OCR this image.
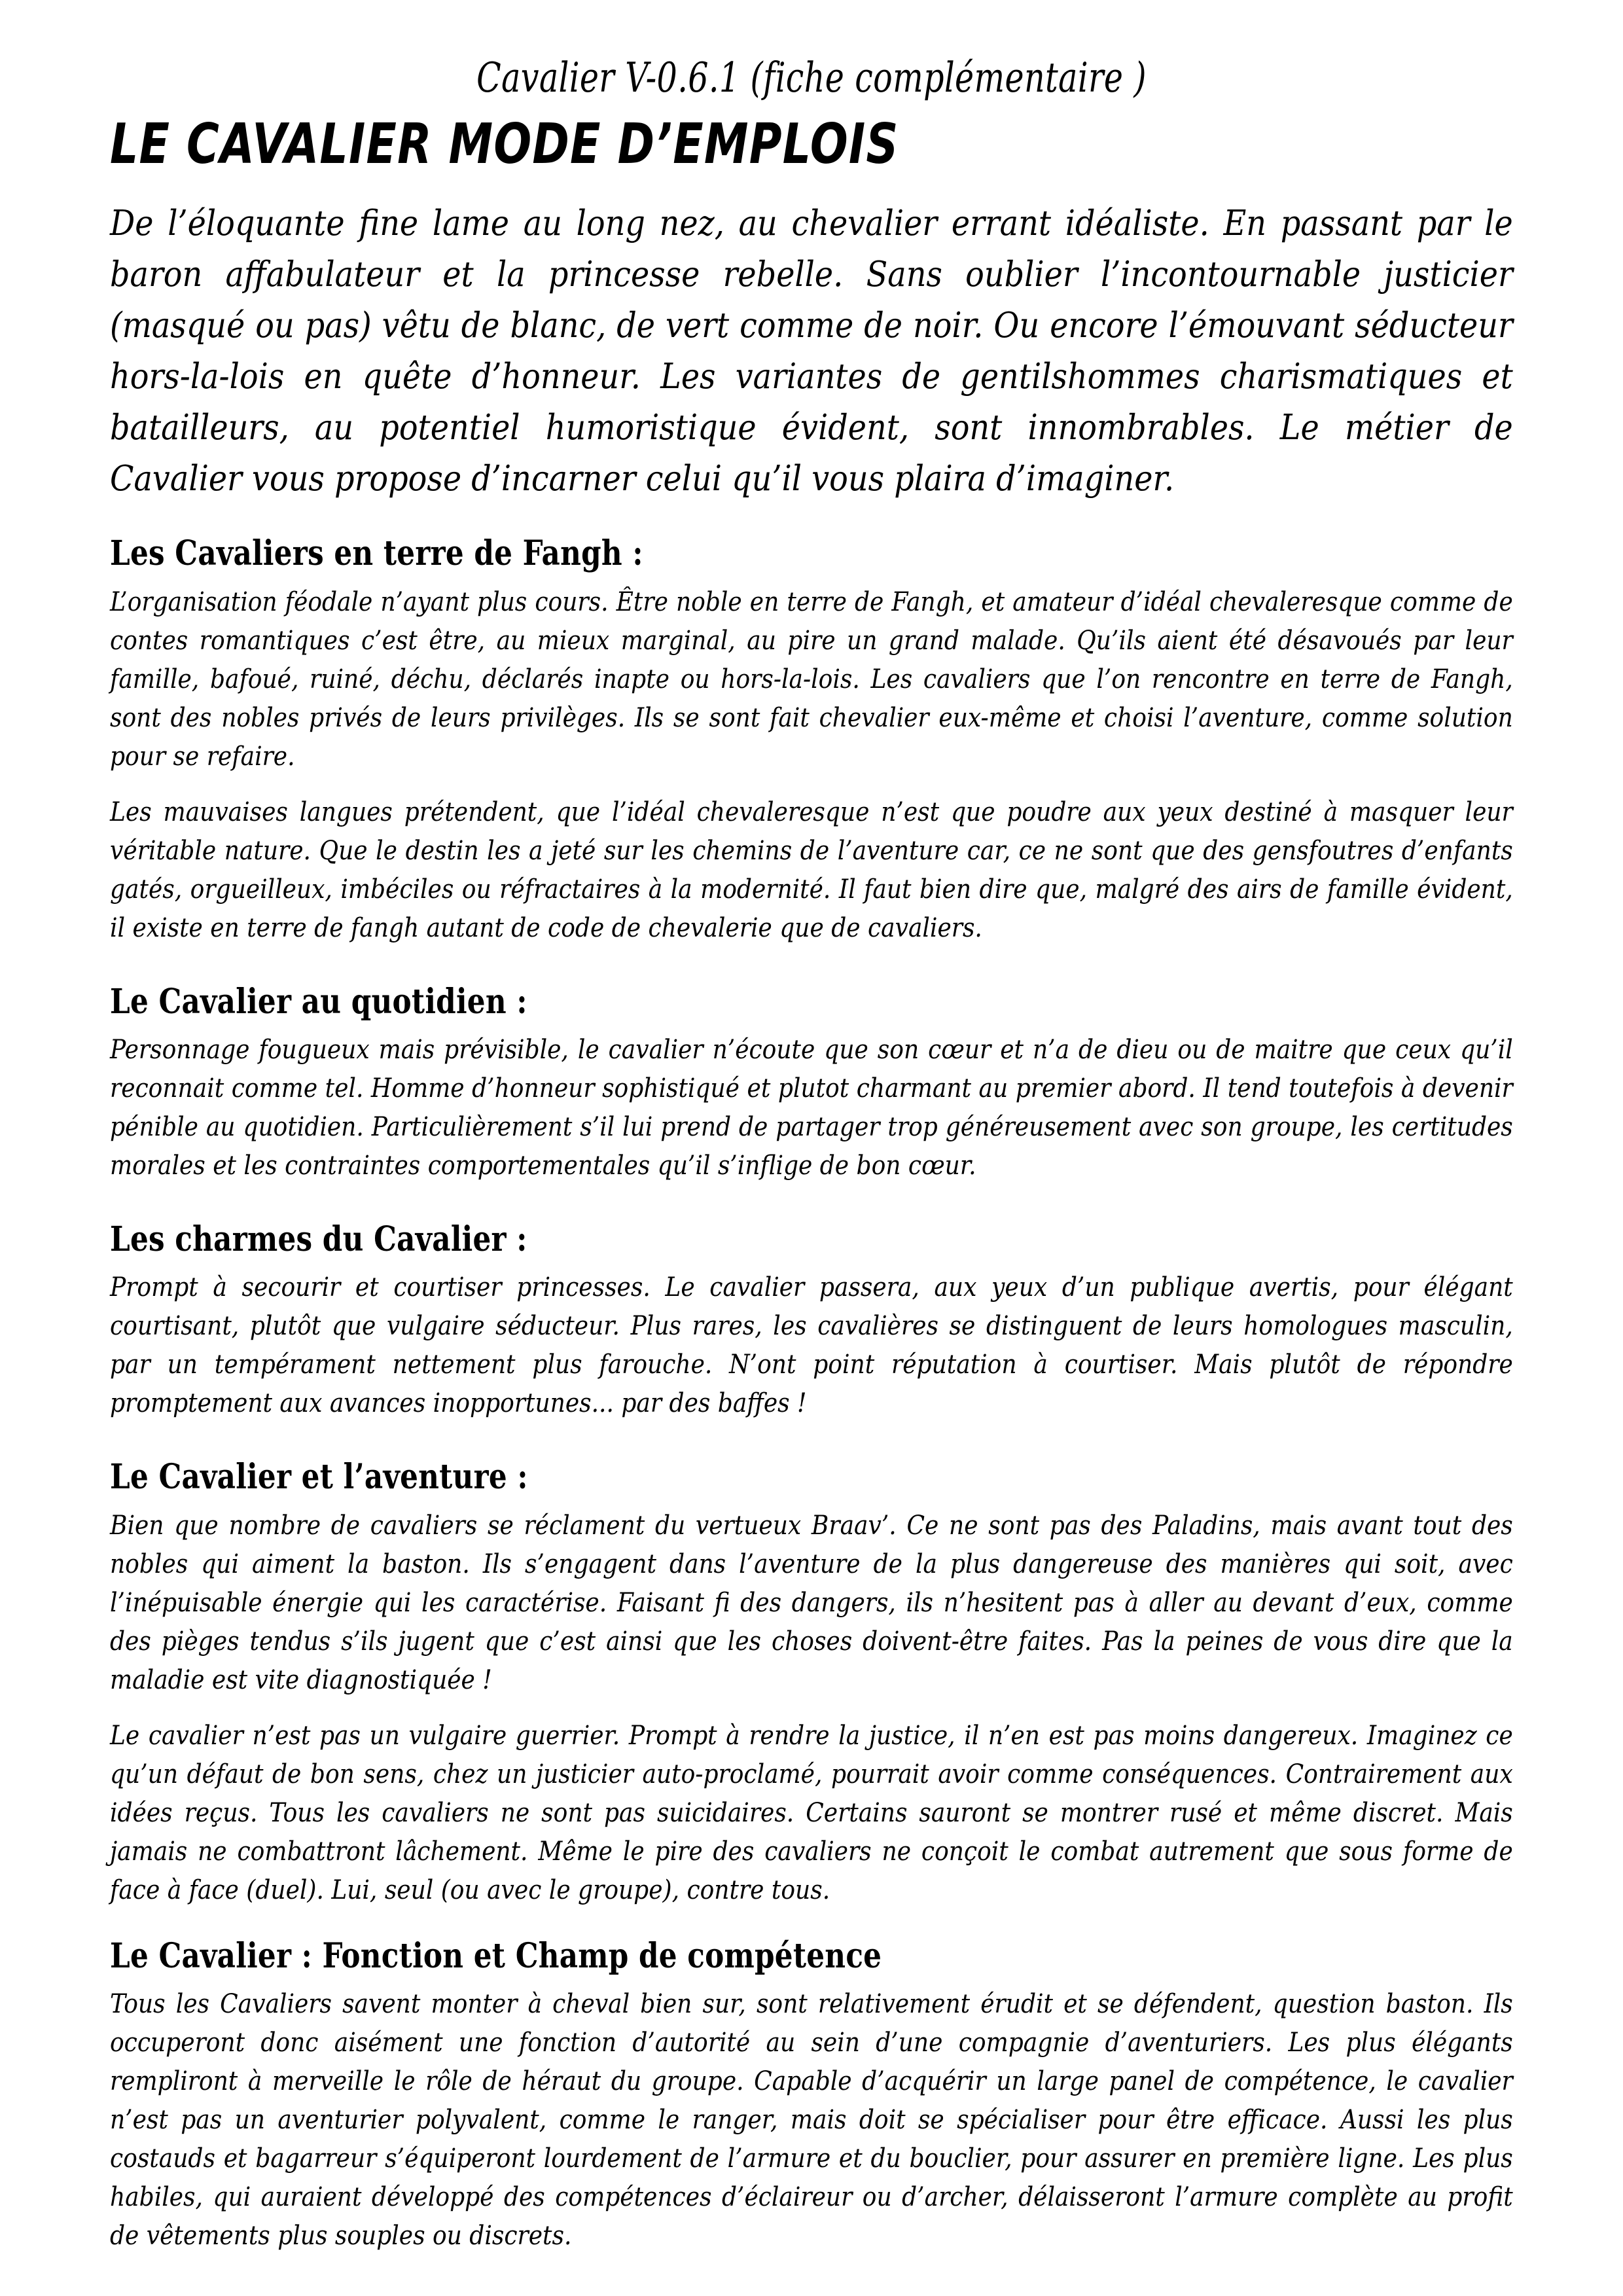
Cavalier V-0.6.1 (fiche complémentaire )
LE CAVALIER MODE D’EMPLOIS

De l’éloquante fine lame au long nez, au chevalier errant idéaliste. En passant par le baron affabulateur et la princesse rebelle. Sans oublier l’incontournable justicier (masqué ou pas) vêtu de blanc, de vert comme de noir. Ou encore l’émouvant séducteur hors-la-lois en quête d’honneur. Les variantes de gentilshommes charismatiques et batailleurs, au potentiel humoristique évident, sont innombrables. Le métier de Cavalier vous propose d’incarner celui qu’il vous plaira d’imaginer.

Les Cavaliers en terre de Fangh :

L’organisation féodale n’ayant plus cours. Être noble en terre de Fangh, et amateur d’idéal chevaleresque comme de contes romantiques c’est être, au mieux marginal, au pire un grand malade. Qu’ils aient été désavoués par leur famille, bafoué, ruiné, déchu, déclarés inapte ou hors-la-lois. Les cavaliers que l’on rencontre en terre de Fangh, sont des nobles privés de leurs privilèges. Ils se sont fait chevalier eux-même et choisi l’aventure, comme solution pour se refaire.

Les mauvaises langues prétendent, que l’idéal chevaleresque n’est que poudre aux yeux destiné à masquer leur véritable nature. Que le destin les a jeté sur les chemins de l’aventure car, ce ne sont que des gensfoutres d’enfants gatés, orgueilleux, imbéciles ou réfractaires à la modernité. Il faut bien dire que, malgré des airs de famille évident, il existe en terre de fangh autant de code de chevalerie que de cavaliers.

Le Cavalier au quotidien :

Personnage fougueux mais prévisible, le cavalier n’écoute que son cœur et n’a de dieu ou de maitre que ceux qu’il reconnait comme tel. Homme d’honneur sophistiqué et plutot charmant au premier abord. Il tend toutefois à devenir pénible au quotidien. Particulièrement s’il lui prend de partager trop généreusement avec son groupe, les certitudes morales et les contraintes comportementales qu’il s’inflige de bon cœur.

Les charmes du Cavalier :

Prompt à secourir et courtiser princesses. Le cavalier passera, aux yeux d’un publique avertis, pour élégant courtisant, plutôt que vulgaire séducteur. Plus rares, les cavalières se distinguent de leurs homologues masculin, par un tempérament nettement plus farouche. N’ont point réputation à courtiser. Mais plutôt de répondre promptement aux avances inopportunes... par des baffes !

Le Cavalier et l’aventure :

Bien que nombre de cavaliers se réclament du vertueux Braav’. Ce ne sont pas des Paladins, mais avant tout des nobles qui aiment la baston. Ils s’engagent dans l’aventure de la plus dangereuse des manières qui soit, avec l’inépuisable énergie qui les caractérise. Faisant fi des dangers, ils n’hesitent pas à aller au devant d’eux, comme des pièges tendus s’ils jugent que c’est ainsi que les choses doivent-être faites. Pas la peines de vous dire que la maladie est vite diagnostiquée !

Le cavalier n’est pas un vulgaire guerrier. Prompt à rendre la justice, il n’en est pas moins dangereux. Imaginez ce qu’un défaut de bon sens, chez un justicier auto-proclamé, pourrait avoir comme conséquences. Contrairement aux idées reçus. Tous les cavaliers ne sont pas suicidaires. Certains sauront se montrer rusé et même discret. Mais jamais ne combattront lâchement. Même le pire des cavaliers ne conçoit le combat autrement que sous forme de face à face (duel). Lui, seul (ou avec le groupe), contre tous.

Le Cavalier : Fonction et Champ de compétence

Tous les Cavaliers savent monter à cheval bien sur, sont relativement érudit et se défendent, question baston. Ils occuperont donc aisément une fonction d’autorité au sein d’une compagnie d’aventuriers. Les plus élégants rempliront à merveille le rôle de héraut du groupe. Capable d’acquérir un large panel de compétence, le cavalier n’est pas un aventurier polyvalent, comme le ranger, mais doit se spécialiser pour être efficace. Aussi les plus costauds et bagarreur s’équiperont lourdement de l’armure et du bouclier, pour assurer en première ligne. Les plus habiles, qui auraient développé des compétences d’éclaireur ou d’archer, délaisseront l’armure complète au profit de vêtements plus souples ou discrets.
